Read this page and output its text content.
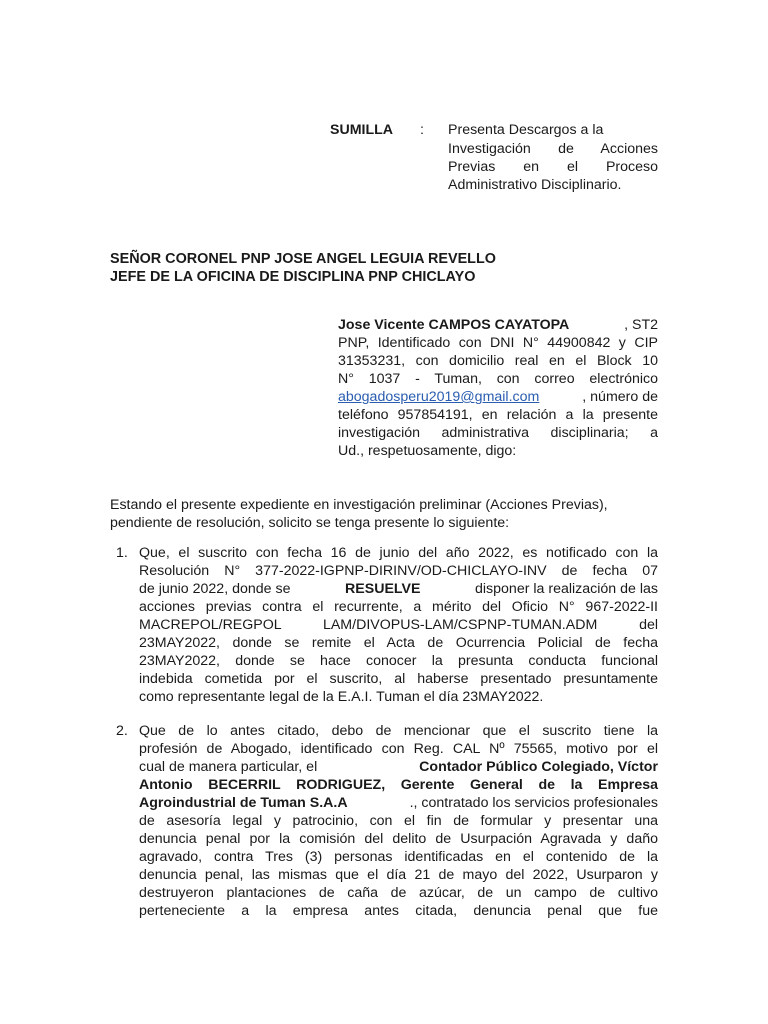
SUMILLA : Presenta Descargos a la
Investigación de Acciones
Previas en el Proceso
Administrativo Disciplinario.
SEÑOR CORONEL PNP JOSE ANGEL LEGUIA REVELLO
JEFE DE LA OFICINA DE DISCIPLINA PNP CHICLAYO
Jose Vicente CAMPOS CAYATOPA	, ST2
PNP, Identificado con DNI N° 44900842 y CIP
31353231, con domicilio real en el Block 10
N° 1037 - Tuman, con correo electrónico
abogadosperu2019@gmail.com	, número de
teléfono 957854191, en relación a la presente
investigación administrativa disciplinaria; a
Ud., respetuosamente, digo:
Estando el presente expediente en investigación preliminar (Acciones Previas),
pendiente de resolución, solicito se tenga presente lo siguiente:
1. Que, el suscrito con fecha 16 de junio del año 2022, es notificado con la
Resolución N° 377-2022-IGPNP-DIRINV/OD-CHICLAYO-INV de fecha 07
de junio 2022, donde se	RESUELVE	disponer la realización de las
acciones previas contra el recurrente, a mérito del Oficio N° 967-2022-II
MACREPOL/REGPOL LAM/DIVOPUS-LAM/CSPNP-TUMAN.ADM del
23MAY2022, donde se remite el Acta de Ocurrencia Policial de fecha
23MAY2022, donde se hace conocer la presunta conducta funcional
indebida cometida por el suscrito, al haberse presentado presuntamente
como representante legal de la E.A.I. Tuman el día 23MAY2022.
2. Que de lo antes citado, debo de mencionar que el suscrito tiene la
profesión de Abogado, identificado con Reg. CAL Nº 75565, motivo por el
cual de manera particular, el	Contador Público Colegiado, Víctor
Antonio BECERRIL RODRIGUEZ, Gerente General de la Empresa
Agroindustrial de Tuman S.A.A	., contratado los servicios profesionales
de asesoría legal y patrocinio, con el fin de formular y presentar una
denuncia penal por la comisión del delito de Usurpación Agravada y daño
agravado, contra Tres (3) personas identificadas en el contenido de la
denuncia penal, las mismas que el día 21 de mayo del 2022, Usurparon y
destruyeron plantaciones de caña de azúcar, de un campo de cultivo
perteneciente a la empresa antes citada, denuncia penal que fue
